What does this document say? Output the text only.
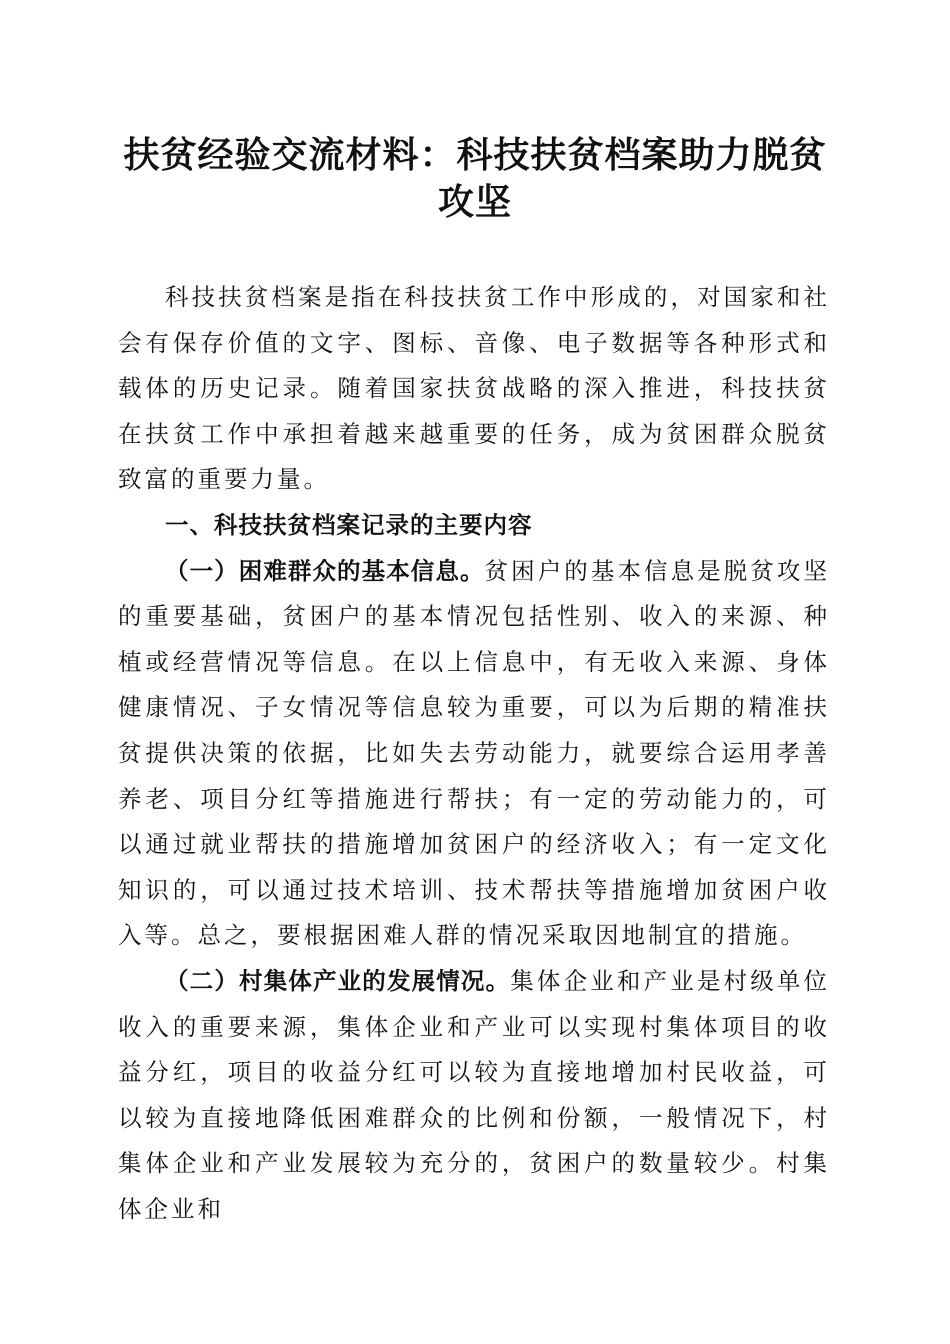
扶贫经验交流材料：科技扶贫档案助力脱贫攻坚

科技扶贫档案是指在科技扶贫工作中形成的，对国家和社会有保存价值的文字、图标、音像、电子数据等各种形式和载体的历史记录。随着国家扶贫战略的深入推进，科技扶贫在扶贫工作中承担着越来越重要的任务，成为贫困群众脱贫致富的重要力量。

一、科技扶贫档案记录的主要内容

（一）困难群众的基本信息。贫困户的基本信息是脱贫攻坚的重要基础，贫困户的基本情况包括性别、收入的来源、种植或经营情况等信息。在以上信息中，有无收入来源、身体健康情况、子女情况等信息较为重要，可以为后期的精准扶贫提供决策的依据，比如失去劳动能力，就要综合运用孝善养老、项目分红等措施进行帮扶；有一定的劳动能力的，可以通过就业帮扶的措施增加贫困户的经济收入；有一定文化知识的，可以通过技术培训、技术帮扶等措施增加贫困户收入等。总之，要根据困难人群的情况采取因地制宜的措施。

（二）村集体产业的发展情况。集体企业和产业是村级单位收入的重要来源，集体企业和产业可以实现村集体项目的收益分红，项目的收益分红可以较为直接地增加村民收益，可以较为直接地降低困难群众的比例和份额，一般情况下，村集体企业和产业发展较为充分的，贫困户的数量较少。村集体企业和
